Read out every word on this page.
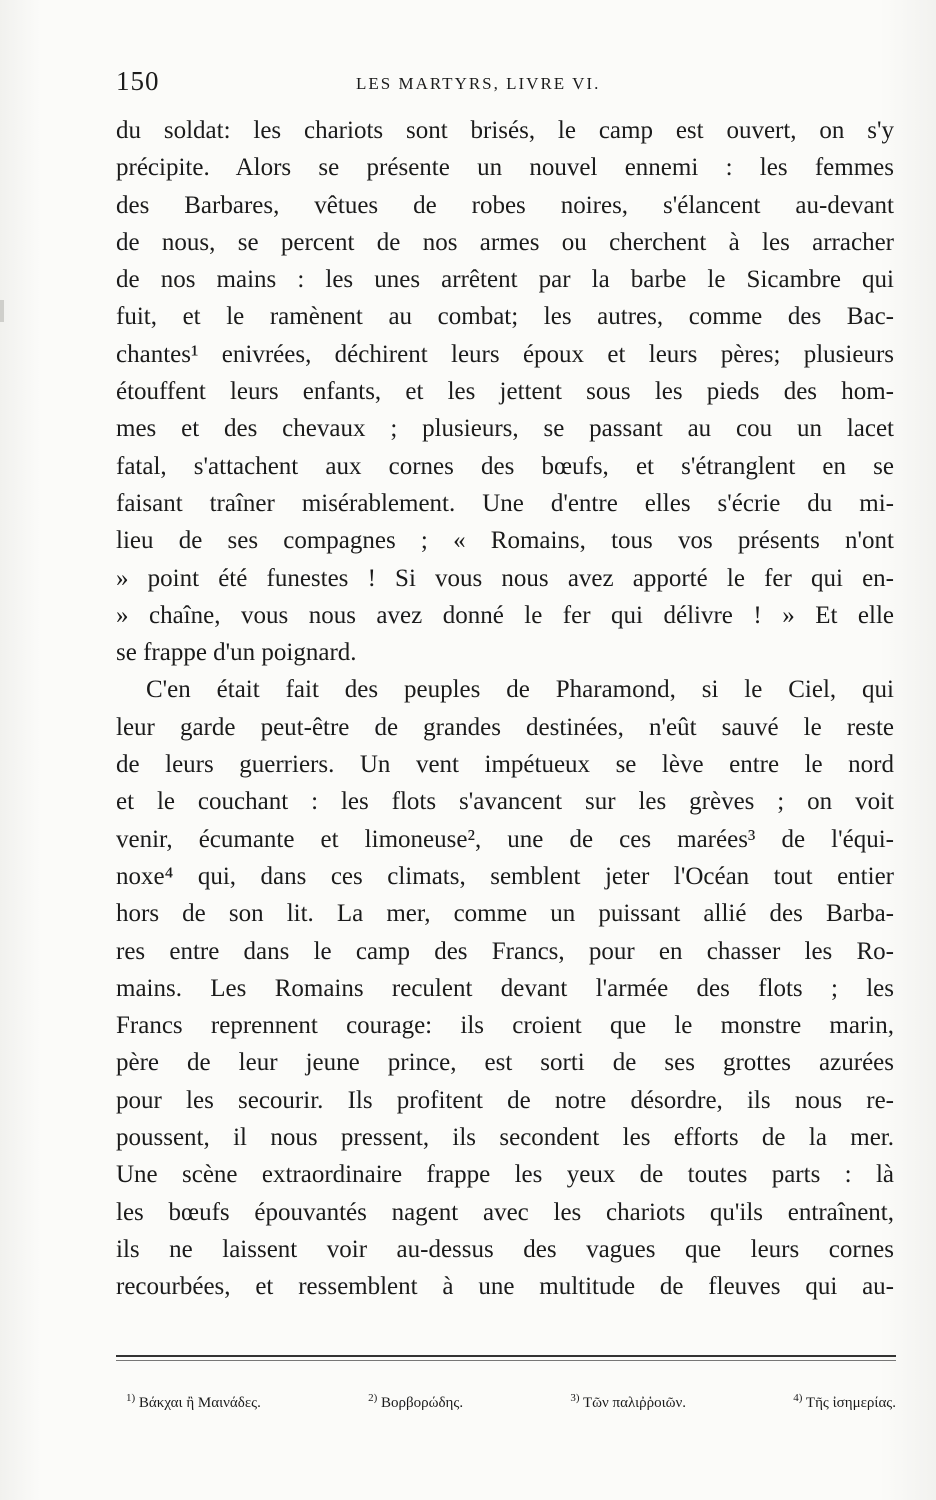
150	LES MARTYRS, LIVRE VI.
du soldat: les chariots sont brisés, le camp est ouvert, on s'y
précipite. Alors se présente un nouvel ennemi : les femmes
des Barbares, vêtues de robes noires, s'élancent au-devant
de nous, se percent de nos armes ou cherchent à les arracher
de nos mains : les unes arrêtent par la barbe le Sicambre qui
fuit, et le ramènent au combat; les autres, comme des Bac-
chantes¹ enivrées, déchirent leurs époux et leurs pères; plusieurs
étouffent leurs enfants, et les jettent sous les pieds des hom-
mes et des chevaux ; plusieurs, se passant au cou un lacet
fatal, s'attachent aux cornes des bœufs, et s'étranglent en se
faisant traîner misérablement. Une d'entre elles s'écrie du mi-
lieu de ses compagnes ; « Romains, tous vos présents n'ont
» point été funestes ! Si vous nous avez apporté le fer qui en-
» chaîne, vous nous avez donné le fer qui délivre ! » Et elle
se frappe d'un poignard.
C'en était fait des peuples de Pharamond, si le Ciel, qui
leur garde peut-être de grandes destinées, n'eût sauvé le reste
de leurs guerriers. Un vent impétueux se lève entre le nord
et le couchant : les flots s'avancent sur les grèves ; on voit
venir, écumante et limoneuse², une de ces marées³ de l'équi-
noxe⁴ qui, dans ces climats, semblent jeter l'Océan tout entier
hors de son lit. La mer, comme un puissant allié des Barba-
res entre dans le camp des Francs, pour en chasser les Ro-
mains. Les Romains reculent devant l'armée des flots ; les
Francs reprennent courage: ils croient que le monstre marin,
père de leur jeune prince, est sorti de ses grottes azurées
pour les secourir. Ils profitent de notre désordre, ils nous re-
poussent, il nous pressent, ils secondent les efforts de la mer.
Une scène extraordinaire frappe les yeux de toutes parts : là
les bœufs épouvantés nagent avec les chariots qu'ils entraînent,
ils ne laissent voir au-dessus des vagues que leurs cornes
recourbées, et ressemblent à une multitude de fleuves qui au-
$^{1)}$ Βάκχαι ἢ Μαινάδες.	$^{2)}$ Βορβορώδης.	$^{3)}$ Τῶν παλιῤῥοιῶν.	$^{4)}$ Τῆς ἰσημερίας.
